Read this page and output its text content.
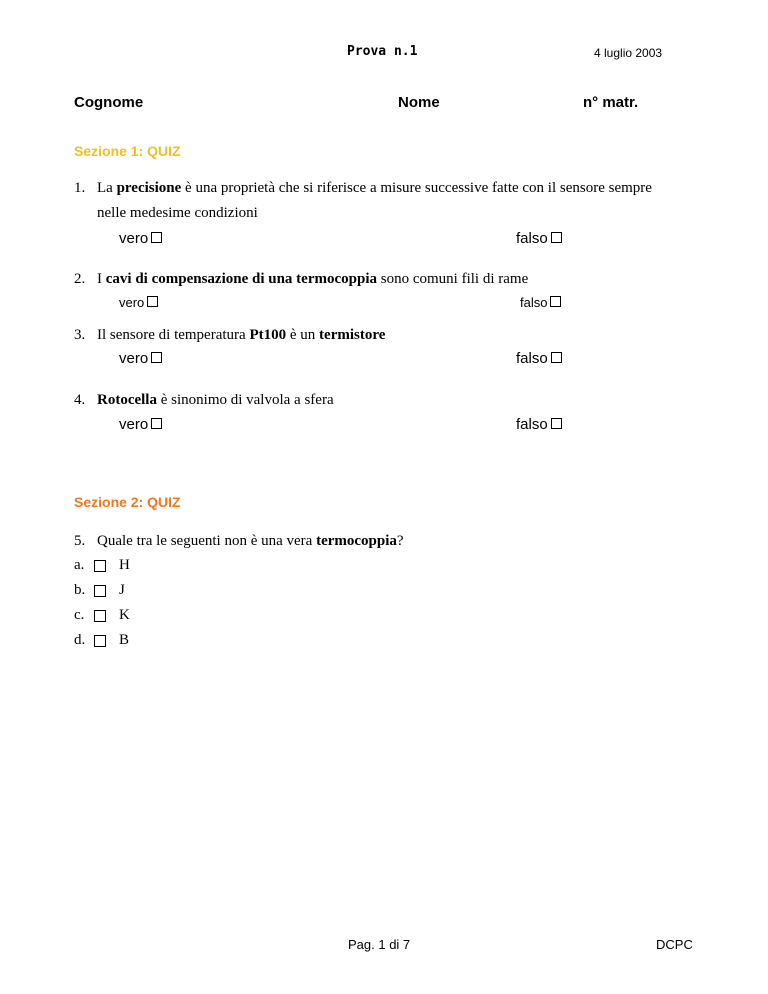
Prova n.1	4 luglio 2003
Cognome	Nome	n° matr.
Sezione 1: QUIZ
1. La precisione è una proprietà che si riferisce a misure successive fatte con il sensore sempre
nelle medesime condizioni
vero	falso
2. I cavi di compensazione di una termocoppia sono comuni fili di rame
vero	falso
3. Il sensore di temperatura Pt100 è un termistore
vero	falso
4. Rotocella è sinonimo di valvola a sfera
vero	falso
Sezione 2: QUIZ
5. Quale tra le seguenti non è una vera termocoppia?
a. H
b. J
c. K
d. B
Pag. 1 di 7	DCPC
